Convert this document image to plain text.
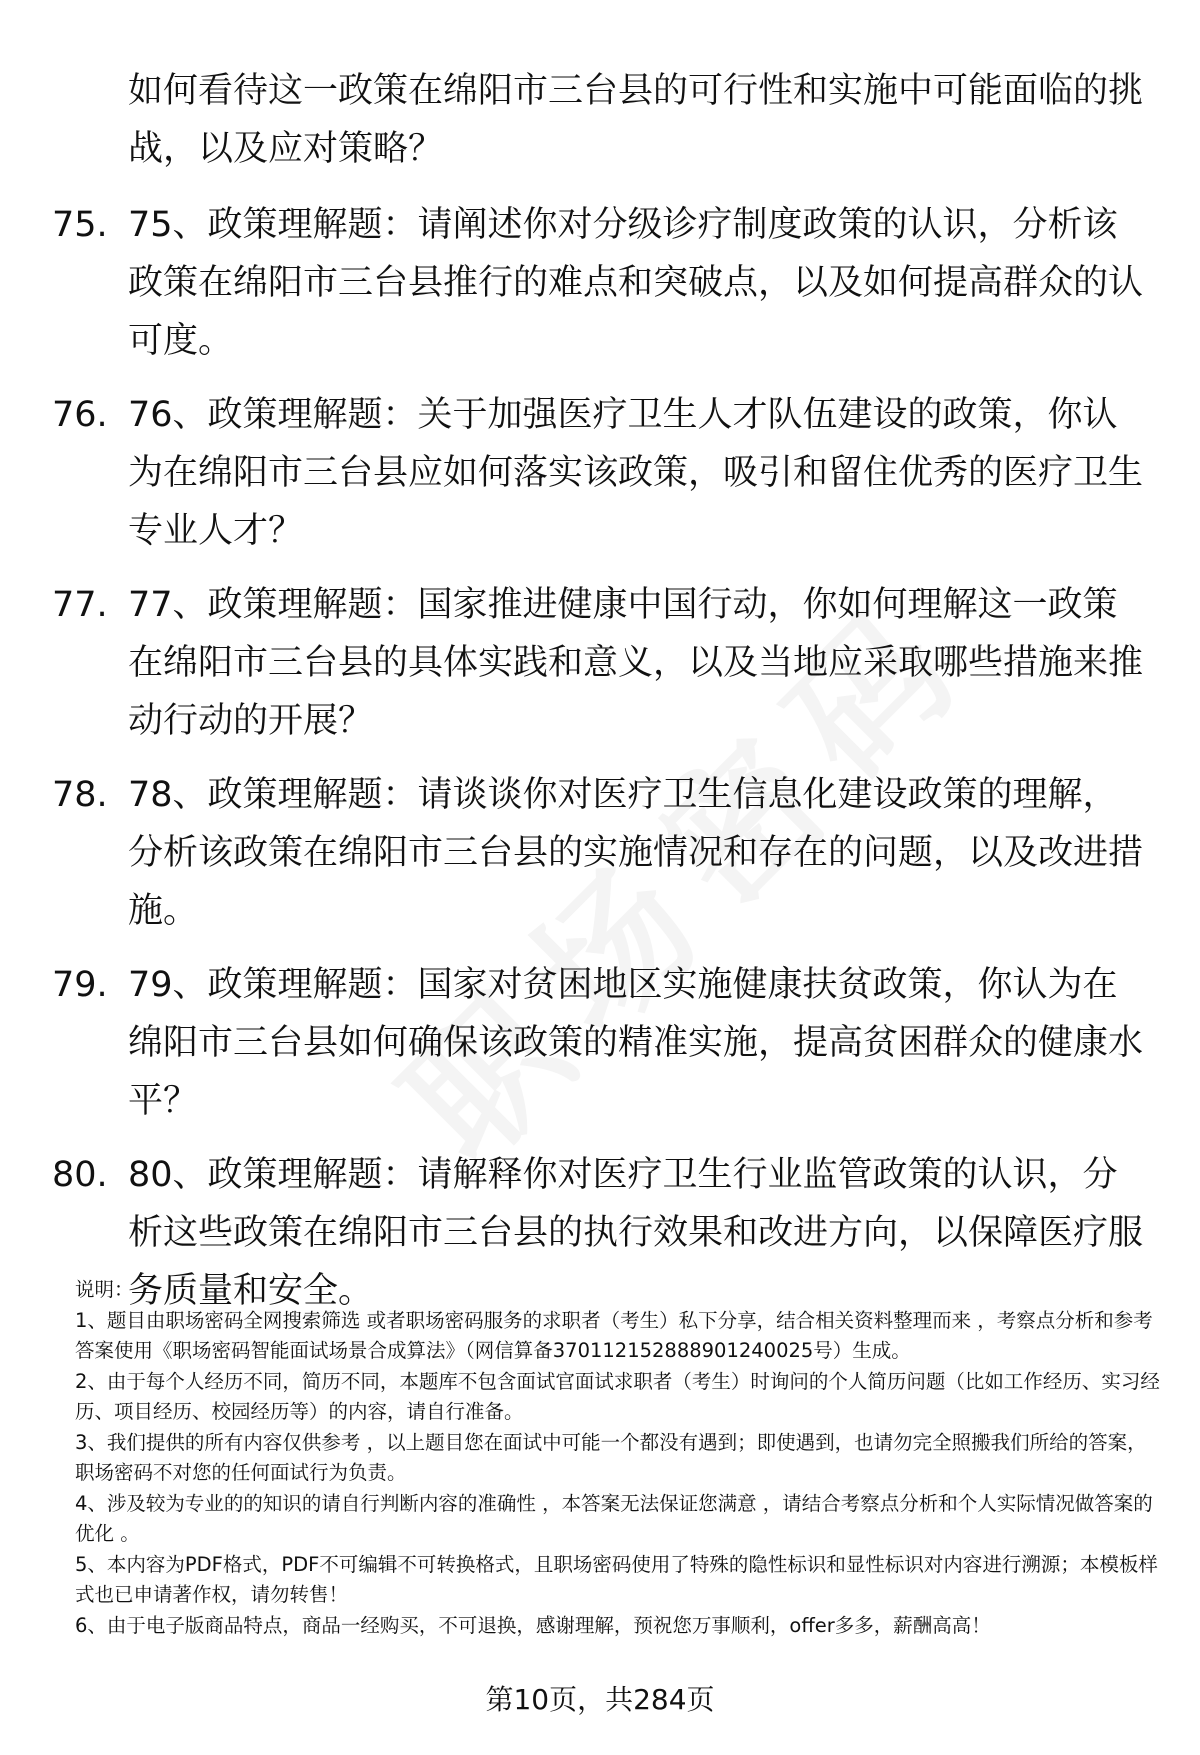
如何看待这一政策在绵阳市三台县的可行性和实施中可能面临的挑战，以及应对策略？
75. 75、政策理解题：请阐述你对分级诊疗制度政策的认识，分析该政策在绵阳市三台县推行的难点和突破点，以及如何提高群众的认可度。
76. 76、政策理解题：关于加强医疗卫生人才队伍建设的政策，你认为在绵阳市三台县应如何落实该政策，吸引和留住优秀的医疗卫生专业人才？
77. 77、政策理解题：国家推进健康中国行动，你如何理解这一政策在绵阳市三台县的具体实践和意义，以及当地应采取哪些措施来推动行动的开展？
78. 78、政策理解题：请谈谈你对医疗卫生信息化建设政策的理解，分析该政策在绵阳市三台县的实施情况和存在的问题，以及改进措施。
79. 79、政策理解题：国家对贫困地区实施健康扶贫政策，你认为在绵阳市三台县如何确保该政策的精准实施，提高贫困群众的健康水平？
80. 80、政策理解题：请解释你对医疗卫生行业监管政策的认识，分析这些政策在绵阳市三台县的执行效果和改进方向，以保障医疗服务质量和安全。

说明：

1、题目由职场密码全网搜索筛选 或者职场密码服务的求职者（考生）私下分享，结合相关资料整理而来 ，考察点分析和参考答案使用《职场密码智能面试场景合成算法》（网信算备370112152888901240025号）生成。

2、由于每个人经历不同，简历不同，本题库不包含面试官面试求职者（考生）时询问的个人简历问题（比如工作经历、实习经历、项目经历、校园经历等）的内容，请自行准备。

3、我们提供的所有内容仅供参考 ，以上题目您在面试中可能一个都没有遇到；即使遇到，也请勿完全照搬我们所给的答案，职场密码不对您的任何面试行为负责。

4、涉及较为专业的的知识的请自行判断内容的准确性 ，本答案无法保证您满意 ，请结合考察点分析和个人实际情况做答案的优化 。

5、本内容为PDF格式，PDF不可编辑不可转换格式，且职场密码使用了特殊的隐性标识和显性标识对内容进行溯源；本模板样式也已申请著作权，请勿转售！

6、由于电子版商品特点，商品一经购买，不可退换，感谢理解，预祝您万事顺利，offer多多，薪酬高高！

第10页，共284页
